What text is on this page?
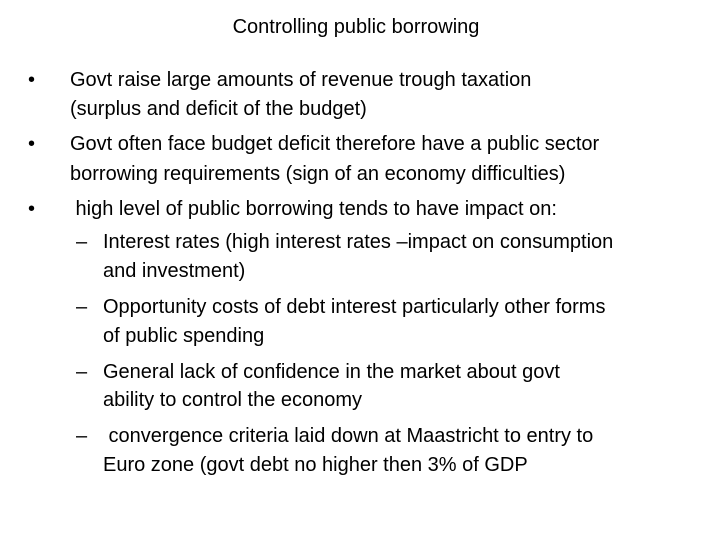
Controlling public borrowing
• Govt raise large amounts of revenue trough taxation
(surplus and deficit of the budget)
• Govt often face budget deficit therefore have a public sector
borrowing requirements (sign of an economy difficulties)
• high level of public borrowing tends to have impact on:
– Interest rates (high interest rates –impact on consumption
and investment)
– Opportunity costs of debt interest particularly other forms
of public spending
– General lack of confidence in the market about govt
ability to control the economy
– convergence criteria laid down at Maastricht to entry to
Euro zone (govt debt no higher then 3% of GDP
